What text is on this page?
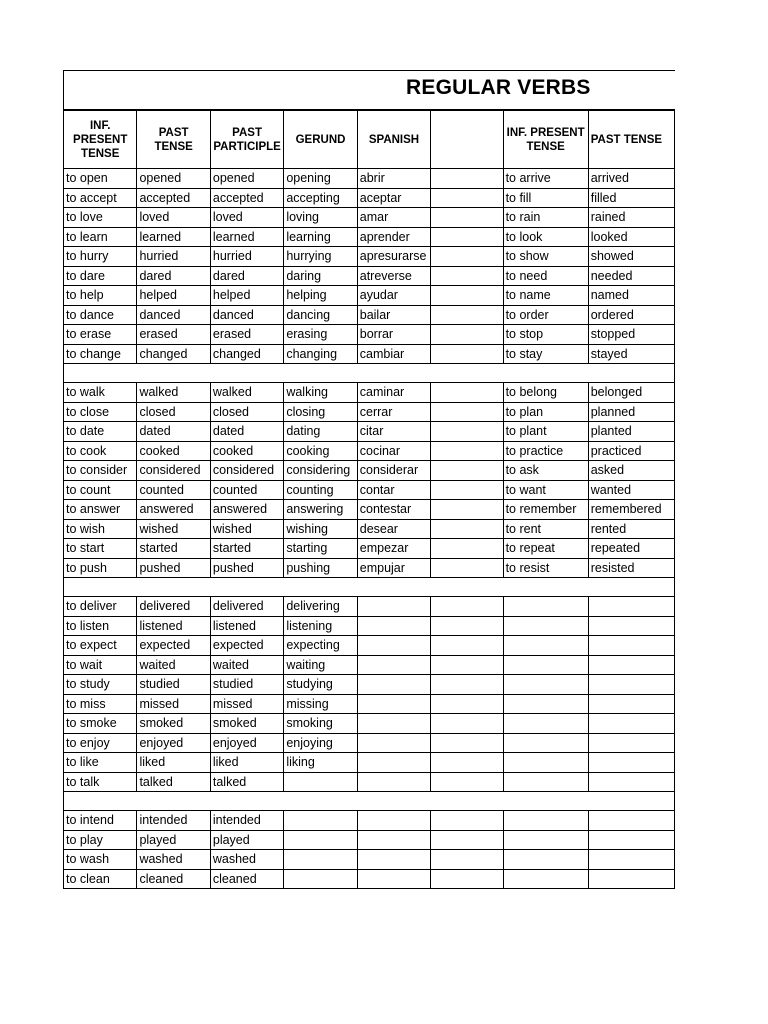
REGULAR VERBS
INF. PRESENT TENSE	PAST TENSE	PAST PARTICIPLE	GERUND	SPANISH		INF. PRESENT TENSE	PAST TENSE
to open	opened	opened	opening	abrir		to arrive	arrived
to accept	accepted	accepted	accepting	aceptar		to fill	filled
to love	loved	loved	loving	amar		to rain	rained
to learn	learned	learned	learning	aprender		to look	looked
to hurry	hurried	hurried	hurrying	apresurarse		to show	showed
to dare	dared	dared	daring	atreverse		to need	needed
to help	helped	helped	helping	ayudar		to name	named
to dance	danced	danced	dancing	bailar		to order	ordered
to erase	erased	erased	erasing	borrar		to stop	stopped
to change	changed	changed	changing	cambiar		to stay	stayed

to walk	walked	walked	walking	caminar		to belong	belonged
to close	closed	closed	closing	cerrar		to plan	planned
to date	dated	dated	dating	citar		to plant	planted
to cook	cooked	cooked	cooking	cocinar		to practice	practiced
to consider	considered	considered	considering	considerar		to ask	asked
to count	counted	counted	counting	contar		to want	wanted
to answer	answered	answered	answering	contestar		to remember	remembered
to wish	wished	wished	wishing	desear		to rent	rented
to start	started	started	starting	empezar		to repeat	repeated
to push	pushed	pushed	pushing	empujar		to resist	resisted

to deliver	delivered	delivered	delivering				
to listen	listened	listened	listening				
to expect	expected	expected	expecting				
to wait	waited	waited	waiting				
to study	studied	studied	studying				
to miss	missed	missed	missing				
to smoke	smoked	smoked	smoking				
to enjoy	enjoyed	enjoyed	enjoying				
to like	liked	liked	liking				
to talk	talked	talked					

to intend	intended	intended					
to play	played	played					
to wash	washed	washed					
to clean	cleaned	cleaned					
